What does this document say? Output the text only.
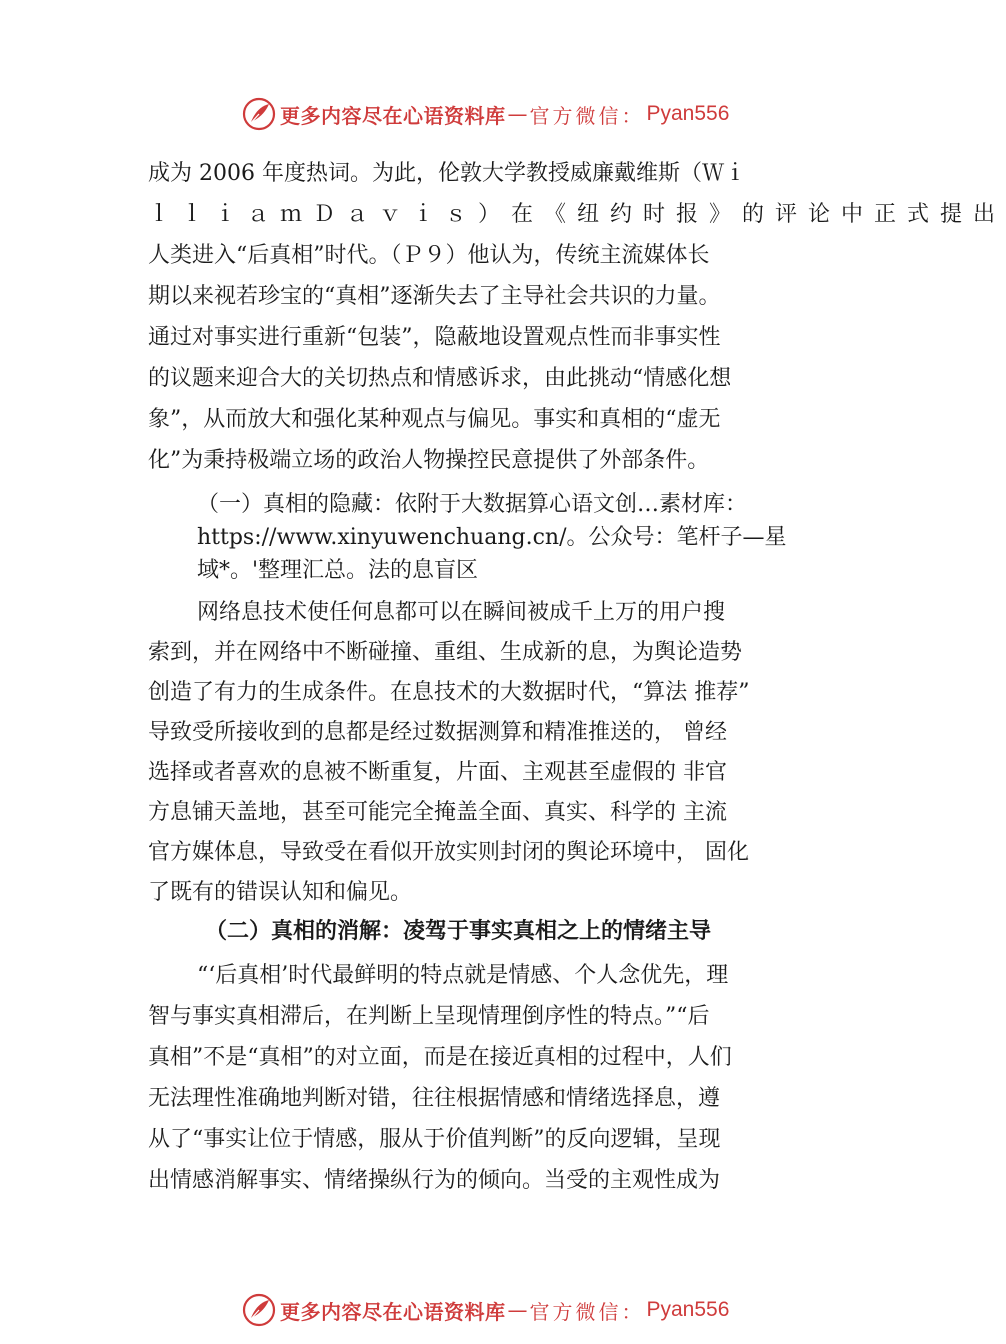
更多内容尽在心语资料库 — 官方微信： Pyan556
成为 2006 年度热词。为此，伦敦大学教授威廉戴维斯（Ｗｉ
ｌｌｉａｍＤａｖｉｓ）在《纽约时报》的评论中正式提出
人类进入“后真相”时代。（Ｐ９）他认为，传统主流媒体长
期以来视若珍宝的“真相”逐渐失去了主导社会共识的力量。
通过对事实进行重新“包装”，隐蔽地设置观点性而非事实性
的议题来迎合大的关切热点和情感诉求，由此挑动“情感化想
象”，从而放大和强化某种观点与偏见。事实和真相的“虚无
化”为秉持极端立场的政治人物操控民意提供了外部条件。
（一）真相的隐藏：依附于大数据算心语文创…素材库：
https://www.xinyuwenchuang.cn/。公众号：笔杆子—星
域*。'整理汇总。法的息盲区
网络息技术使任何息都可以在瞬间被成千上万的用户搜
索到，并在网络中不断碰撞、重组、生成新的息，为舆论造势
创造了有力的生成条件。在息技术的大数据时代，“算法 推荐”
导致受所接收到的息都是经过数据测算和精准推送的， 曾经
选择或者喜欢的息被不断重复，片面、主观甚至虚假的 非官
方息铺天盖地，甚至可能完全掩盖全面、真实、科学的 主流
官方媒体息，导致受在看似开放实则封闭的舆论环境中， 固化
了既有的错误认知和偏见。
（二）真相的消解：凌驾于事实真相之上的情绪主导
“‘后真相’时代最鲜明的特点就是情感、个人念优先，理
智与事实真相滞后，在判断上呈现情理倒序性的特点。”“后
真相”不是“真相”的对立面，而是在接近真相的过程中，人们
无法理性准确地判断对错，往往根据情感和情绪选择息，遵
从了“事实让位于情感，服从于价值判断”的反向逻辑，呈现
出情感消解事实、情绪操纵行为的倾向。当受的主观性成为
更多内容尽在心语资料库 — 官方微信： Pyan556
